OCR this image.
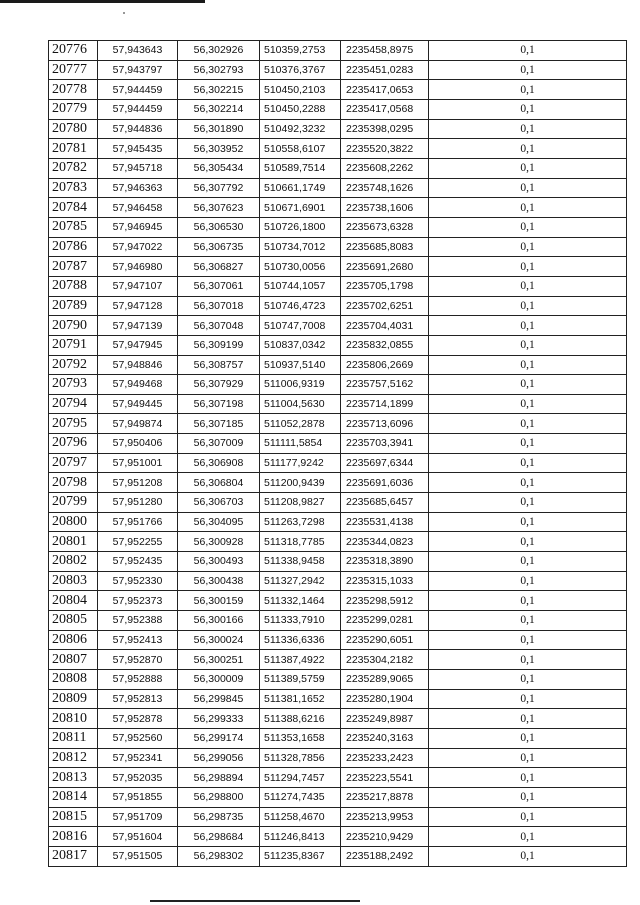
20776	57,943643	56,302926	510359,2753	2235458,8975	0,1
20777	57,943797	56,302793	510376,3767	2235451,0283	0,1
20778	57,944459	56,302215	510450,2103	2235417,0653	0,1
20779	57,944459	56,302214	510450,2288	2235417,0568	0,1
20780	57,944836	56,301890	510492,3232	2235398,0295	0,1
20781	57,945435	56,303952	510558,6107	2235520,3822	0,1
20782	57,945718	56,305434	510589,7514	2235608,2262	0,1
20783	57,946363	56,307792	510661,1749	2235748,1626	0,1
20784	57,946458	56,307623	510671,6901	2235738,1606	0,1
20785	57,946945	56,306530	510726,1800	2235673,6328	0,1
20786	57,947022	56,306735	510734,7012	2235685,8083	0,1
20787	57,946980	56,306827	510730,0056	2235691,2680	0,1
20788	57,947107	56,307061	510744,1057	2235705,1798	0,1
20789	57,947128	56,307018	510746,4723	2235702,6251	0,1
20790	57,947139	56,307048	510747,7008	2235704,4031	0,1
20791	57,947945	56,309199	510837,0342	2235832,0855	0,1
20792	57,948846	56,308757	510937,5140	2235806,2669	0,1
20793	57,949468	56,307929	511006,9319	2235757,5162	0,1
20794	57,949445	56,307198	511004,5630	2235714,1899	0,1
20795	57,949874	56,307185	511052,2878	2235713,6096	0,1
20796	57,950406	56,307009	511111,5854	2235703,3941	0,1
20797	57,951001	56,306908	511177,9242	2235697,6344	0,1
20798	57,951208	56,306804	511200,9439	2235691,6036	0,1
20799	57,951280	56,306703	511208,9827	2235685,6457	0,1
20800	57,951766	56,304095	511263,7298	2235531,4138	0,1
20801	57,952255	56,300928	511318,7785	2235344,0823	0,1
20802	57,952435	56,300493	511338,9458	2235318,3890	0,1
20803	57,952330	56,300438	511327,2942	2235315,1033	0,1
20804	57,952373	56,300159	511332,1464	2235298,5912	0,1
20805	57,952388	56,300166	511333,7910	2235299,0281	0,1
20806	57,952413	56,300024	511336,6336	2235290,6051	0,1
20807	57,952870	56,300251	511387,4922	2235304,2182	0,1
20808	57,952888	56,300009	511389,5759	2235289,9065	0,1
20809	57,952813	56,299845	511381,1652	2235280,1904	0,1
20810	57,952878	56,299333	511388,6216	2235249,8987	0,1
20811	57,952560	56,299174	511353,1658	2235240,3163	0,1
20812	57,952341	56,299056	511328,7856	2235233,2423	0,1
20813	57,952035	56,298894	511294,7457	2235223,5541	0,1
20814	57,951855	56,298800	511274,7435	2235217,8878	0,1
20815	57,951709	56,298735	511258,4670	2235213,9953	0,1
20816	57,951604	56,298684	511246,8413	2235210,9429	0,1
20817	57,951505	56,298302	511235,8367	2235188,2492	0,1
